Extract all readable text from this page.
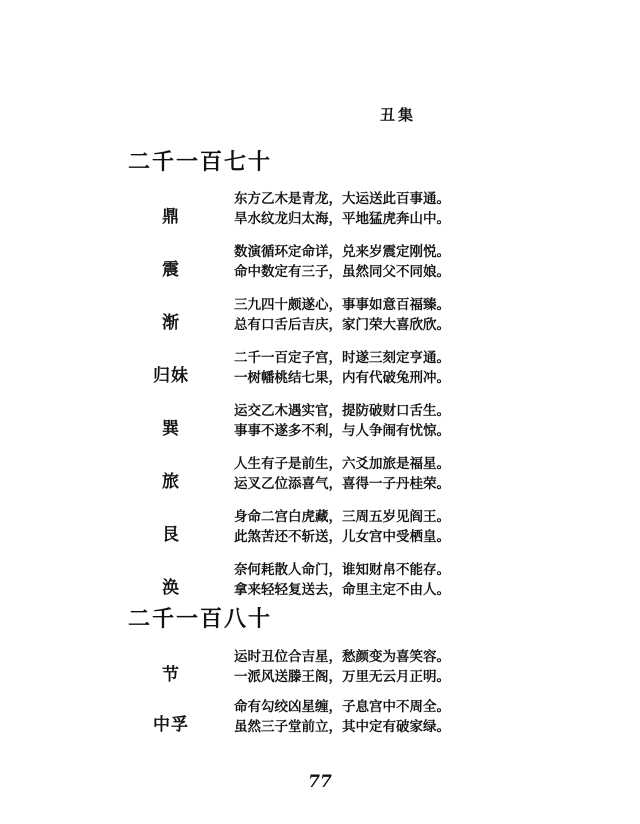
丑集
二千一百七十
鼎
东方乙木是青龙，大运送此百事通。
旱水纹龙归太海，平地猛虎奔山中。
震
数演循环定命详，兑来岁震定刚悦。
命中数定有三子，虽然同父不同娘。
渐
三九四十颇遂心，事事如意百福臻。
总有口舌后吉庆，家门荣大喜欣欣。
归妹
二千一百定子宫，时遂三刻定亨通。
一树幡桃结七果，内有代破兔刑冲。
巽
运交乙木遇实官，提防破财口舌生。
事事不遂多不利，与人争闹有忧惊。
旅
人生有子是前生，六爻加旅是福星。
运叉乙位添喜气，喜得一子丹桂荣。
艮
身命二宫白虎藏，三周五岁见阎王。
此煞苦还不斩送，儿女宫中受栖皇。
涣
奈何耗散人命门，谁知财帛不能存。
拿来轻轻复送去，命里主定不由人。
二千一百八十
节
运时丑位合吉星，愁颜变为喜笑容。
一派风送滕王阁，万里无云月正明。
中孚
命有勾绞凶星缠，子息宫中不周全。
虽然三子堂前立，其中定有破家绿。
77
